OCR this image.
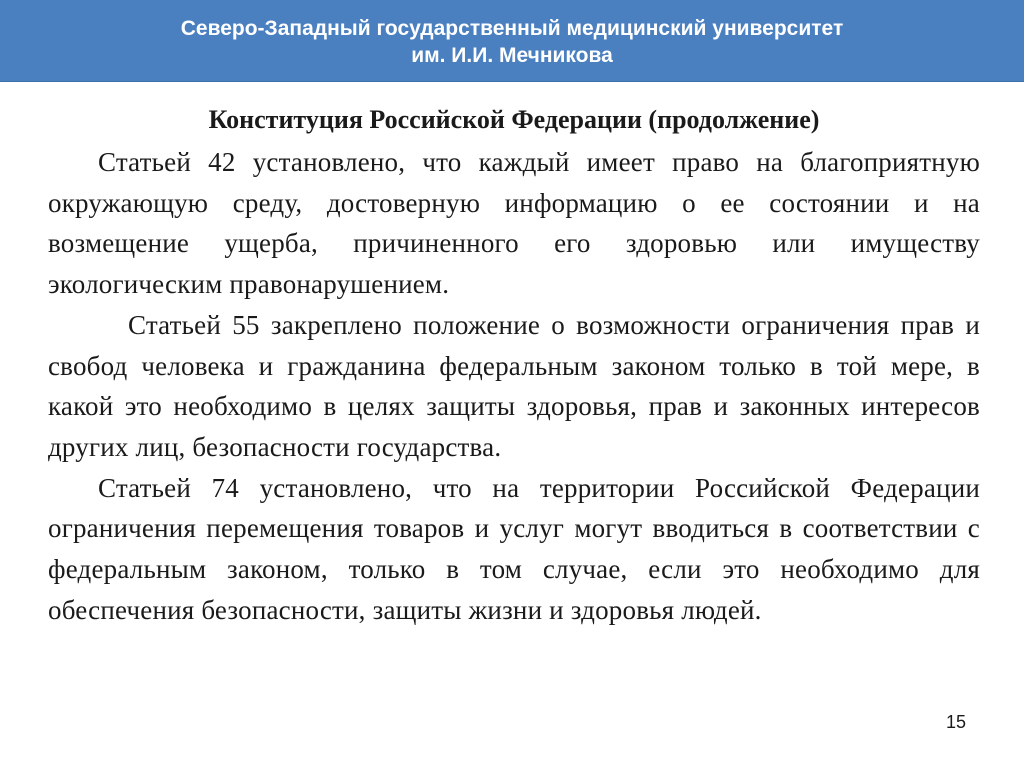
Северо-Западный государственный медицинский университет
им. И.И. Мечникова
Конституция Российской Федерации (продолжение)

Статьей 42 установлено, что каждый имеет право на благоприятную окружающую среду, достоверную информацию о ее состоянии и на возмещение ущерба, причиненного его здоровью или имуществу экологическим правонарушением.

Статьей 55 закреплено положение о возможности ограничения прав и свобод человека и гражданина федеральным законом только в той мере, в какой это необходимо в целях защиты здоровья, прав и законных интересов других лиц, безопасности государства.

Статьей 74 установлено, что на территории Российской Федерации ограничения перемещения товаров и услуг могут вводиться в соответствии с федеральным законом, только в том случае, если это необходимо для обеспечения безопасности, защиты жизни и здоровья людей.

15
